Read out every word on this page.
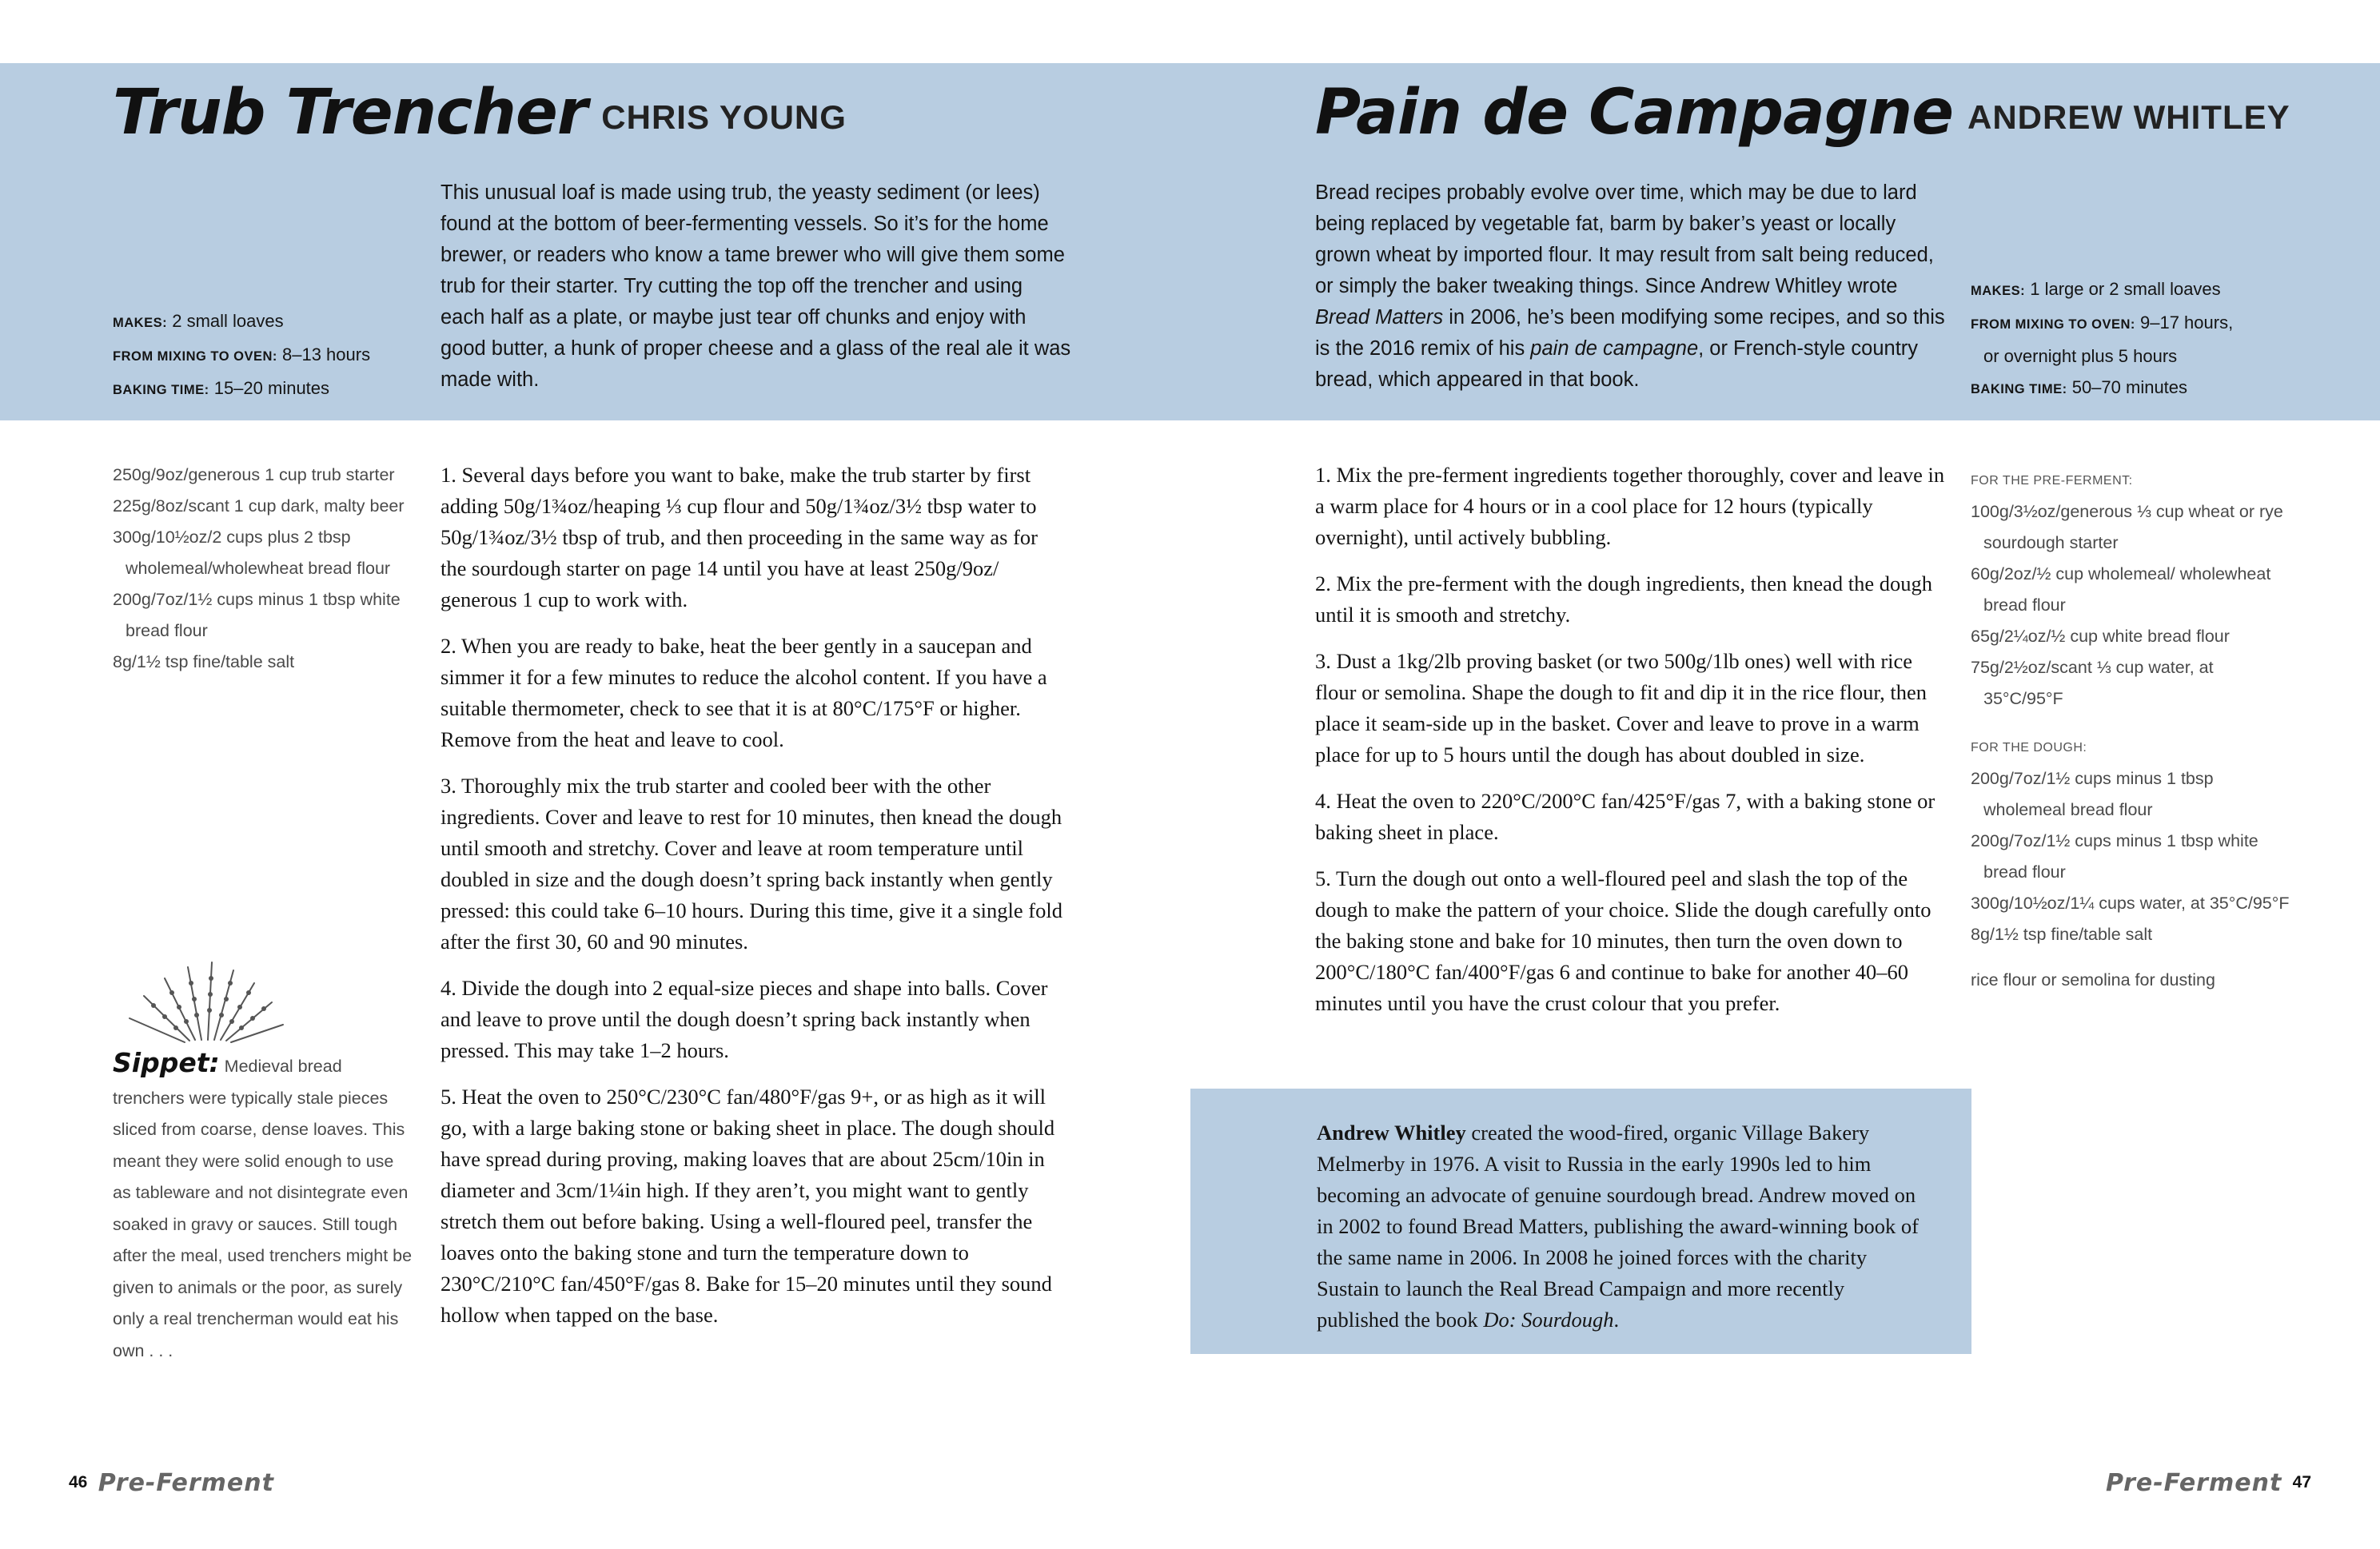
Trub Trencher CHRIS YOUNG

This unusual loaf is made using trub, the yeasty sediment (or lees) found at the bottom of beer-fermenting vessels. So it’s for the home brewer, or readers who know a tame brewer who will give them some trub for their starter. Try cutting the top off the trencher and using each half as a plate, or maybe just tear off chunks and enjoy with good butter, a hunk of proper cheese and a glass of the real ale it was made with.

MAKES: 2 small loaves
FROM MIXING TO OVEN: 8–13 hours
BAKING TIME: 15–20 minutes
250g/9oz/generous 1 cup trub starter
225g/8oz/scant 1 cup dark, malty beer
300g/10½oz/2 cups plus 2 tbsp wholemeal/wholewheat bread flour
200g/7oz/1½ cups minus 1 tbsp white bread flour
8g/1½ tsp fine/table salt

1. Several days before you want to bake, make the trub starter by first adding 50g/1¾oz/heaping ⅓ cup flour and 50g/1¾oz/3½ tbsp water to 50g/1¾oz/3½ tbsp of trub, and then proceeding in the same way as for the sourdough starter on page 14 until you have at least 250g/9oz/ generous 1 cup to work with.

2. When you are ready to bake, heat the beer gently in a saucepan and simmer it for a few minutes to reduce the alcohol content. If you have a suitable thermometer, check to see that it is at 80°C/175°F or higher. Remove from the heat and leave to cool.

3. Thoroughly mix the trub starter and cooled beer with the other ingredients. Cover and leave to rest for 10 minutes, then knead the dough until smooth and stretchy. Cover and leave at room temperature until doubled in size and the dough doesn’t spring back instantly when gently pressed: this could take 6–10 hours. During this time, give it a single fold after the first 30, 60 and 90 minutes.

4. Divide the dough into 2 equal-size pieces and shape into balls. Cover and leave to prove until the dough doesn’t spring back instantly when pressed. This may take 1–2 hours.

5. Heat the oven to 250°C/230°C fan/480°F/gas 9+, or as high as it will go, with a large baking stone or baking sheet in place. The dough should have spread during proving, making loaves that are about 25cm/10in in diameter and 3cm/1¼in high. If they aren’t, you might want to gently stretch them out before baking. Using a well-floured peel, transfer the loaves onto the baking stone and turn the temperature down to 230°C/210°C fan/450°F/gas 8. Bake for 15–20 minutes until they sound hollow when tapped on the base.

Sippet: Medieval bread trenchers were typically stale pieces sliced from coarse, dense loaves. This meant they were solid enough to use as tableware and not disintegrate even soaked in gravy or sauces. Still tough after the meal, used trenchers might be given to animals or the poor, as surely only a real trencherman would eat his own . . .
46 Pre-Ferment
Pain de Campagne ANDREW WHITLEY

Bread recipes probably evolve over time, which may be due to lard being replaced by vegetable fat, barm by baker’s yeast or locally grown wheat by imported flour. It may result from salt being reduced, or simply the baker tweaking things. Since Andrew Whitley wrote Bread Matters in 2006, he’s been modifying some recipes, and so this is the 2016 remix of his pain de campagne, or French-style country bread, which appeared in that book.

MAKES: 1 large or 2 small loaves
FROM MIXING TO OVEN: 9–17 hours,
or overnight plus 5 hours
BAKING TIME: 50–70 minutes

1. Mix the pre-ferment ingredients together thoroughly, cover and leave in a warm place for 4 hours or in a cool place for 12 hours (typically overnight), until actively bubbling.

2. Mix the pre-ferment with the dough ingredients, then knead the dough until it is smooth and stretchy.

3. Dust a 1kg/2lb proving basket (or two 500g/1lb ones) well with rice flour or semolina. Shape the dough to fit and dip it in the rice flour, then place it seam-side up in the basket. Cover and leave to prove in a warm place for up to 5 hours until the dough has about doubled in size.

4. Heat the oven to 220°C/200°C fan/425°F/gas 7, with a baking stone or baking sheet in place.

5. Turn the dough out onto a well-floured peel and slash the top of the dough to make the pattern of your choice. Slide the dough carefully onto the baking stone and bake for 10 minutes, then turn the oven down to 200°C/180°C fan/400°F/gas 6 and continue to bake for another 40–60 minutes until you have the crust colour that you prefer.

FOR THE PRE-FERMENT:
100g/3½oz/generous ⅓ cup wheat or rye sourdough starter
60g/2oz/½ cup wholemeal/ wholewheat bread flour
65g/2¼oz/½ cup white bread flour
75g/2½oz/scant ⅓ cup water, at 35°C/95°F
FOR THE DOUGH:
200g/7oz/1½ cups minus 1 tbsp wholemeal bread flour
200g/7oz/1½ cups minus 1 tbsp white bread flour
300g/10½oz/1¼ cups water, at 35°C/95°F
8g/1½ tsp fine/table salt
rice flour or semolina for dusting
Andrew Whitley created the wood-fired, organic Village Bakery Melmerby in 1976. A visit to Russia in the early 1990s led to him becoming an advocate of genuine sourdough bread. Andrew moved on in 2002 to found Bread Matters, publishing the award-winning book of the same name in 2006. In 2008 he joined forces with the charity Sustain to launch the Real Bread Campaign and more recently published the book Do: Sourdough.
Pre-Ferment 47
